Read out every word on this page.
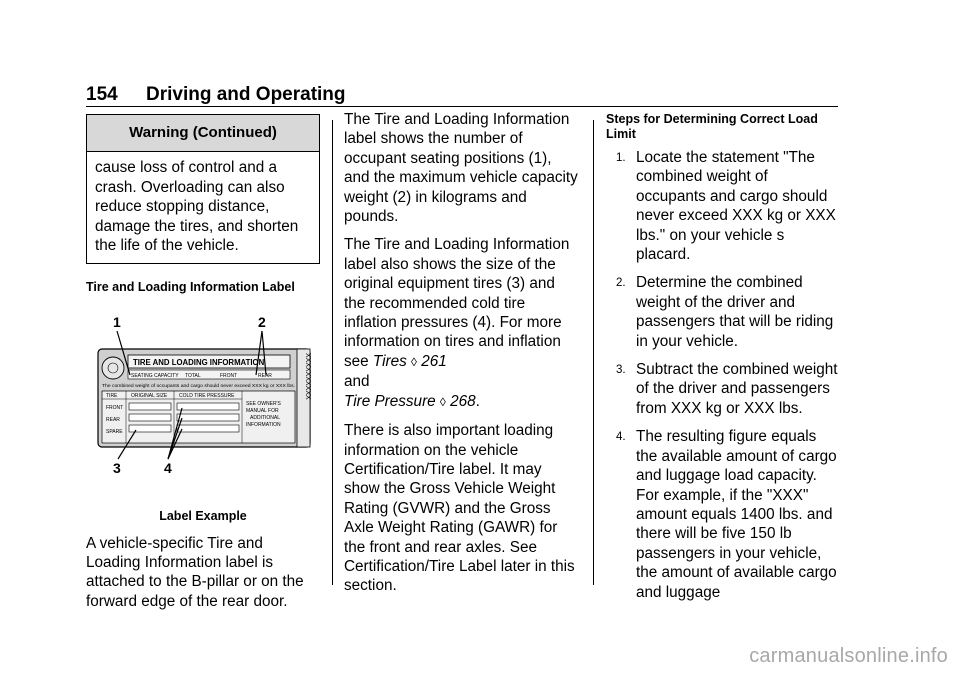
154 Driving and Operating
Warning (Continued)
cause loss of control and a crash. Overloading can also reduce stopping distance, damage the tires, and shorten the life of the vehicle.
Tire and Loading Information Label
1	2
3	4
XXXXXXXXXX
TIRE AND LOADING INFORMATION
SEATING CAPACITY TOTAL	FRONT	REAR
The combined weight of occupants and cargo should never exceed XXX kg or XXX lbs.
TIRE	ORIGINAL SIZE COLD TIRE PRESSURE
FRONT
REAR
SPARE
SEE OWNER'S
MANUAL FOR
ADDITIONAL
INFORMATION
Label Example

A vehicle-specific Tire and Loading Information label is attached to the B-pillar or on the forward edge of the rear door.

The Tire and Loading Information label shows the number of occupant seating positions (1), and the maximum vehicle capacity weight (2) in kilograms and pounds.

The Tire and Loading Information label also shows the size of the original equipment tires (3) and the recommended cold tire inflation pressures (4). For more information on tires and inflation see Tires ◊ 261
and
Tire Pressure ◊ 268.

There is also important loading information on the vehicle Certification/Tire label. It may show the Gross Vehicle Weight Rating (GVWR) and the Gross Axle Weight Rating (GAWR) for the front and rear axles. See Certification/Tire Label later in this section.

Steps for Determining Correct Load Limit
1. Locate the statement "The combined weight of occupants and cargo should never exceed XXX kg or XXX lbs." on your vehicle s placard.
2. Determine the combined weight of the driver and passengers that will be riding in your vehicle.
3. Subtract the combined weight of the driver and passengers from XXX kg or XXX lbs.
4. The resulting figure equals the available amount of cargo and luggage load capacity. For example, if the "XXX" amount equals 1400 lbs. and there will be five 150 lb passengers in your vehicle, the amount of available cargo and luggage
carmanualsonline.info
